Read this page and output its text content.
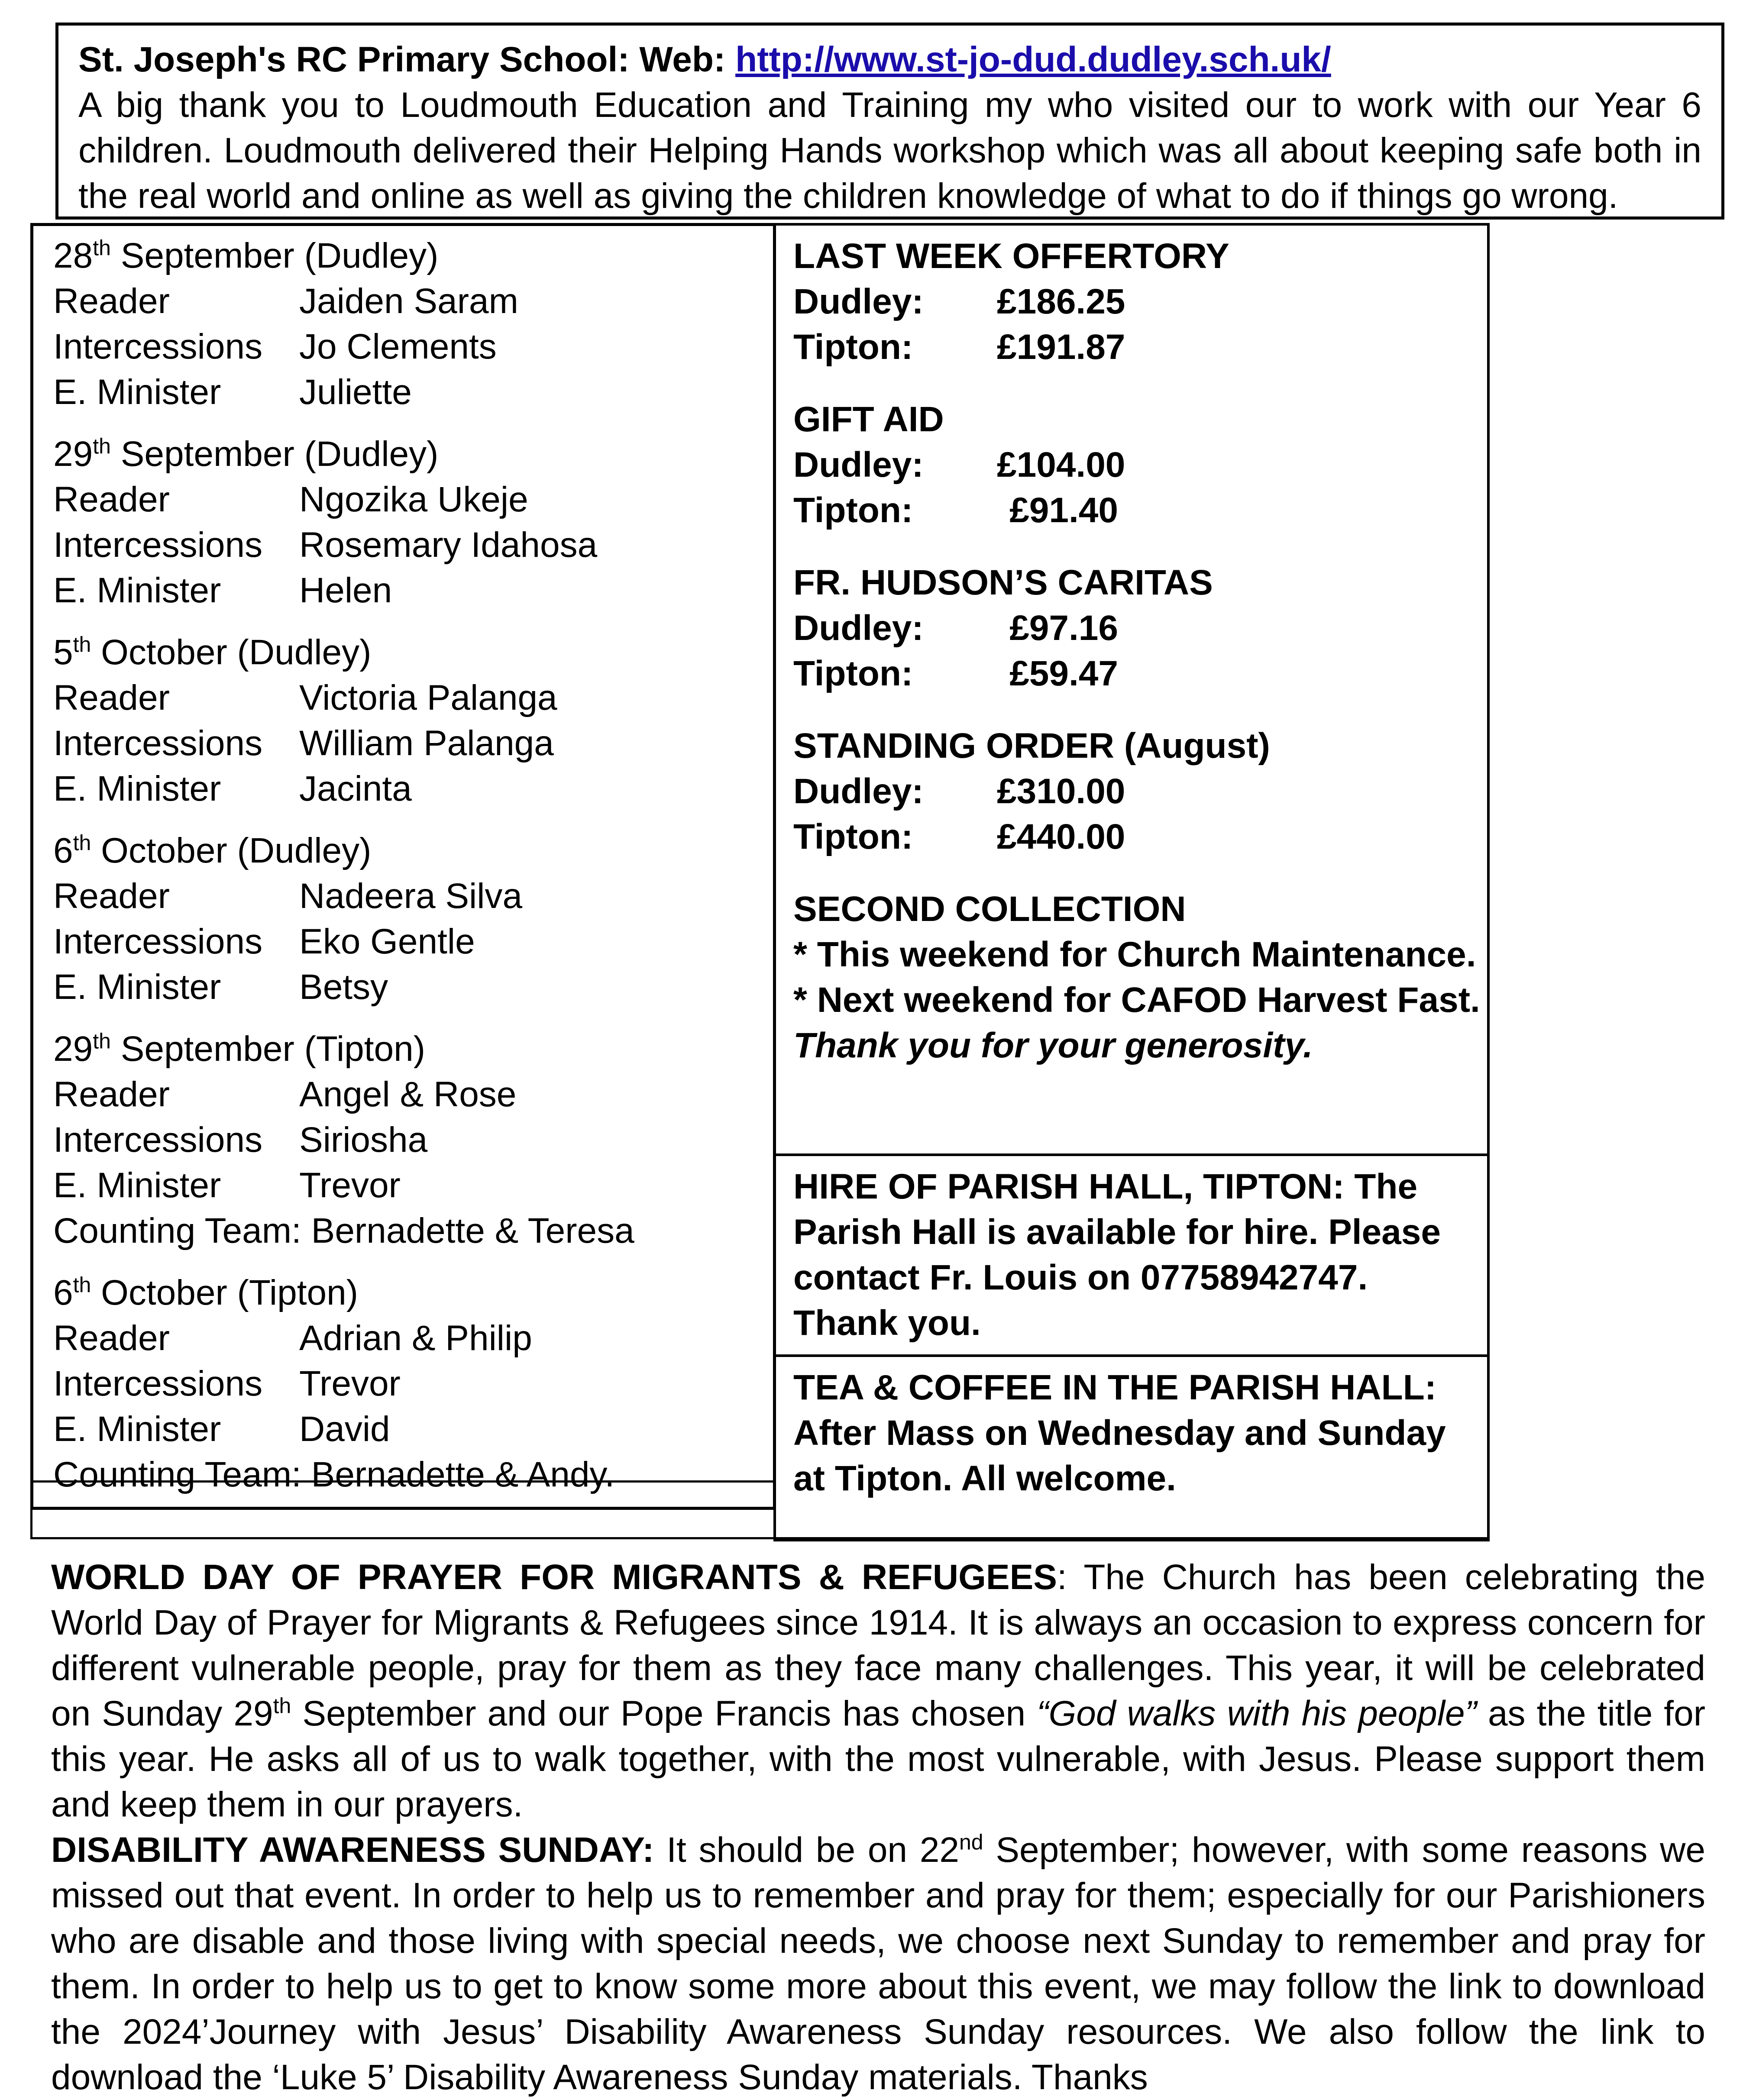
St. Joseph's RC Primary School: Web: http://www.st-jo-dud.dudley.sch.uk/
A big thank you to Loudmouth Education and Training my who visited our to work with our Year 6 children. Loudmouth delivered their Helping Hands workshop which was all about keeping safe both in the real world and online as well as giving the children knowledge of what to do if things go wrong.
28th September (Dudley)
Reader	Jaiden Saram
Intercessions	Jo Clements
E. Minister	Juliette
29th September (Dudley)
Reader	Ngozika Ukeje
Intercessions	Rosemary Idahosa
E. Minister	Helen
5th October (Dudley)
Reader	Victoria Palanga
Intercessions	William Palanga
E. Minister	Jacinta
6th October (Dudley)
Reader	Nadeera Silva
Intercessions	Eko Gentle
E. Minister	Betsy
29th September (Tipton)
Reader	Angel & Rose
Intercessions	Siriosha
E. Minister	Trevor
Counting Team: Bernadette & Teresa
6th October (Tipton)
Reader	Adrian & Philip
Intercessions	Trevor
E. Minister	David
Counting Team: Bernadette & Andy.
LAST WEEK OFFERTORY
Dudley:	£186.25
Tipton:	£191.87
GIFT AID
Dudley:	£104.00
Tipton:	£91.40
FR. HUDSON’S CARITAS
Dudley:	£97.16
Tipton:	£59.47
STANDING ORDER (August)
Dudley:	£310.00
Tipton:	£440.00
SECOND COLLECTION
* This weekend for Church Maintenance.
* Next weekend for CAFOD Harvest Fast.
Thank you for your generosity.
HIRE OF PARISH HALL, TIPTON: The Parish Hall is available for hire. Please contact Fr. Louis on 07758942747. Thank you.
TEA & COFFEE IN THE PARISH HALL: After Mass on Wednesday and Sunday at Tipton. All welcome.

WORLD DAY OF PRAYER FOR MIGRANTS & REFUGEES: The Church has been celebrating the World Day of Prayer for Migrants & Refugees since 1914. It is always an occasion to express concern for different vulnerable people, pray for them as they face many challenges. This year, it will be celebrated on Sunday 29th September and our Pope Francis has chosen “God walks with his people” as the title for this year. He asks all of us to walk together, with the most vulnerable, with Jesus. Please support them and keep them in our prayers.

DISABILITY AWARENESS SUNDAY: It should be on 22nd September; however, with some reasons we missed out that event. In order to help us to remember and pray for them; especially for our Parishioners who are disable and those living with special needs, we choose next Sunday to remember and pray for them. In order to help us to get to know some more about this event, we may follow the link to download the 2024’Journey with Jesus’ Disability Awareness Sunday resources. We also follow the link to download the ‘Luke 5’ Disability Awareness Sunday materials. Thanks
